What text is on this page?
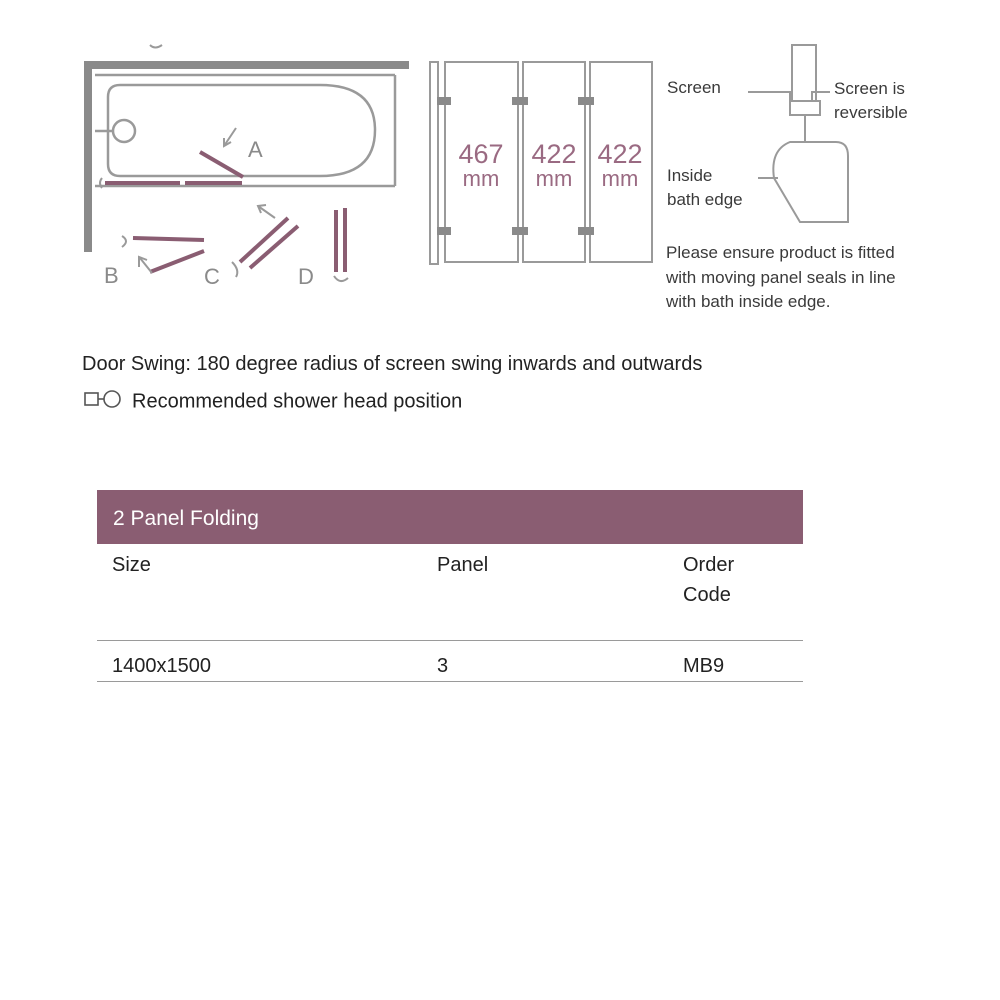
A
B	C	D
467
mm
422
mm
422
mm
Screen	Screen is
reversible
Inside
bath edge
Please ensure product is fitted
with moving panel seals in line
with bath inside edge.
Door Swing: 180 degree radius of screen swing inwards and outwards
Recommended shower head position
2 Panel Folding
Size	Panel	Order
Code
1400x1500	3	MB9
